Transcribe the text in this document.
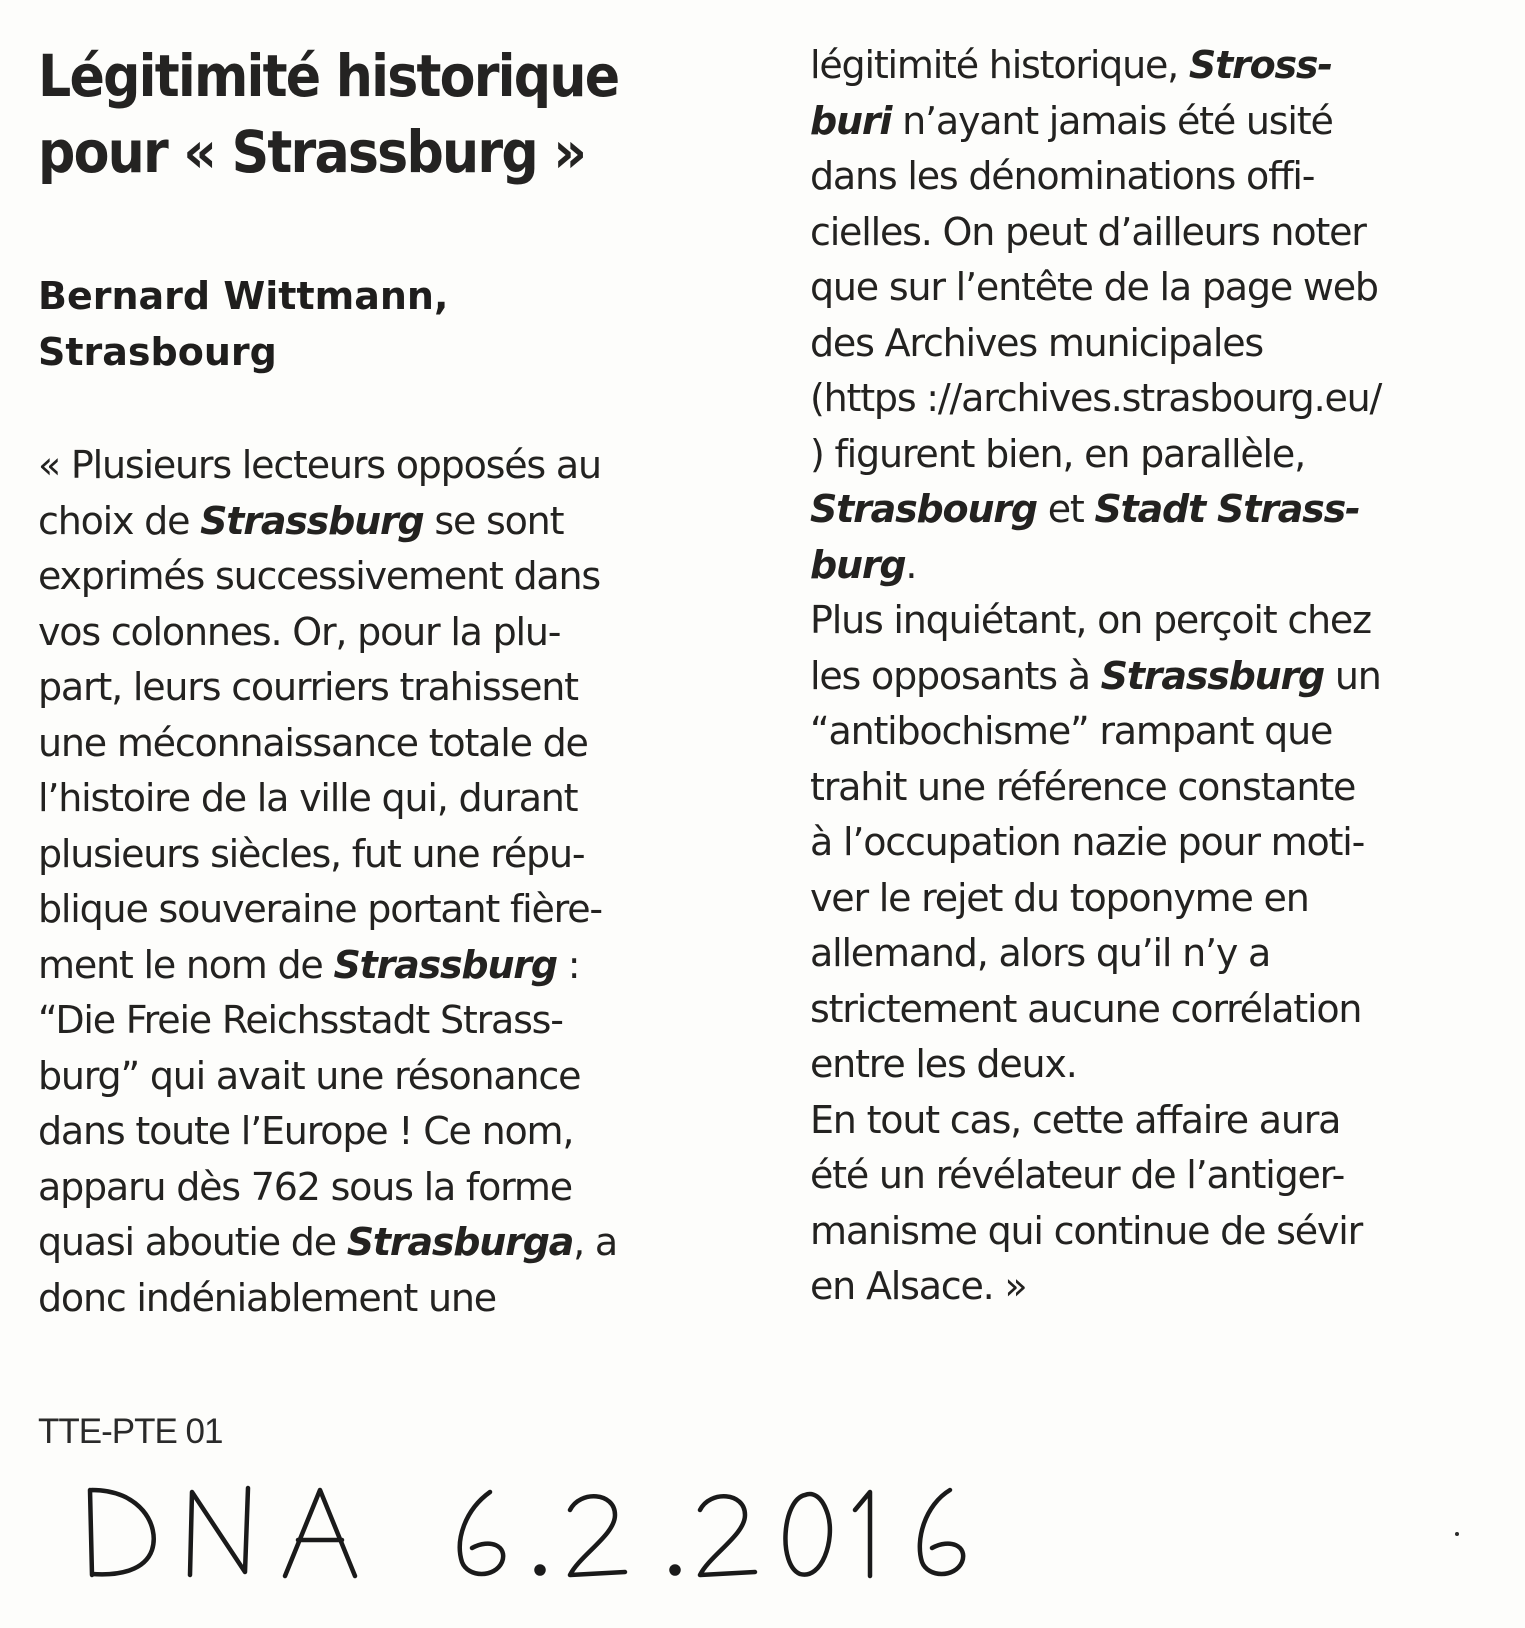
Légitimité historique
pour « Strassburg »
Bernard Wittmann,
Strasbourg
« Plusieurs lecteurs opposés au
choix de Strassburg se sont
exprimés successivement dans
vos colonnes. Or, pour la plu-
part, leurs courriers trahissent
une méconnaissance totale de
l’histoire de la ville qui, durant
plusieurs siècles, fut une répu-
blique souveraine portant fière-
ment le nom de Strassburg :
“Die Freie Reichsstadt Strass-
burg” qui avait une résonance
dans toute l’Europe ! Ce nom,
apparu dès 762 sous la forme
quasi aboutie de Strasburga, a
donc indéniablement une
légitimité historique, Stross-
buri n’ayant jamais été usité
dans les dénominations offi-
cielles. On peut d’ailleurs noter
que sur l’entête de la page web
des Archives municipales
(https ://archives.strasbourg.eu/
) figurent bien, en parallèle,
Strasbourg et Stadt Strass-
burg.
Plus inquiétant, on perçoit chez
les opposants à Strassburg un
“antibochisme” rampant que
trahit une référence constante
à l’occupation nazie pour moti-
ver le rejet du toponyme en
allemand, alors qu’il n’y a
strictement aucune corrélation
entre les deux.
En tout cas, cette affaire aura
été un révélateur de l’antiger-
manisme qui continue de sévir
en Alsace. »
TTE-PTE 01
